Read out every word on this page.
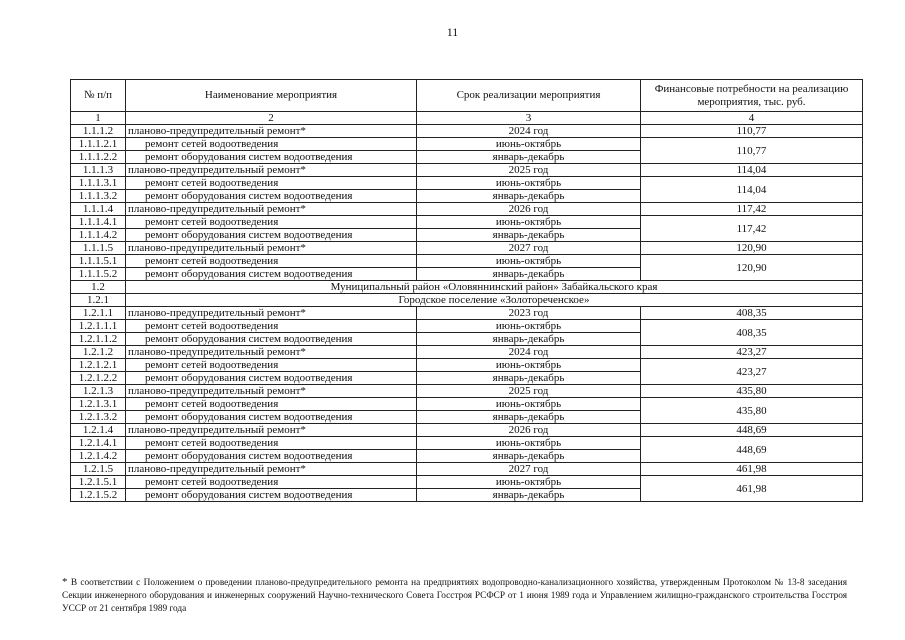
11
№ п/п	Наименование мероприятия	Срок реализации мероприятия	Финансовые потребности на реализацию мероприятия, тыс. руб.
1	2	3	4
1.1.1.2	планово-предупредительный ремонт*	2024 год	110,77
1.1.1.2.1	ремонт сетей водоотведения	июнь-октябрь	110,77
1.1.1.2.2	ремонт оборудования систем водоотведения	январь-декабрь	
1.1.1.3	планово-предупредительный ремонт*	2025 год	114,04
1.1.1.3.1	ремонт сетей водоотведения	июнь-октябрь	114,04
1.1.1.3.2	ремонт оборудования систем водоотведения	январь-декабрь	
1.1.1.4	планово-предупредительный ремонт*	2026 год	117,42
1.1.1.4.1	ремонт сетей водоотведения	июнь-октябрь	117,42
1.1.1.4.2	ремонт оборудования систем водоотведения	январь-декабрь	
1.1.1.5	планово-предупредительный ремонт*	2027 год	120,90
1.1.1.5.1	ремонт сетей водоотведения	июнь-октябрь	120,90
1.1.1.5.2	ремонт оборудования систем водоотведения	январь-декабрь	
1.2	Муниципальный район «Оловяннинский район» Забайкальского края		
1.2.1	Городское поселение «Золотореченское»		
1.2.1.1	планово-предупредительный ремонт*	2023 год	408,35
1.2.1.1.1	ремонт сетей водоотведения	июнь-октябрь	408,35
1.2.1.1.2	ремонт оборудования систем водоотведения	январь-декабрь	
1.2.1.2	планово-предупредительный ремонт*	2024 год	423,27
1.2.1.2.1	ремонт сетей водоотведения	июнь-октябрь	423,27
1.2.1.2.2	ремонт оборудования систем водоотведения	январь-декабрь	
1.2.1.3	планово-предупредительный ремонт*	2025 год	435,80
1.2.1.3.1	ремонт сетей водоотведения	июнь-октябрь	435,80
1.2.1.3.2	ремонт оборудования систем водоотведения	январь-декабрь	
1.2.1.4	планово-предупредительный ремонт*	2026 год	448,69
1.2.1.4.1	ремонт сетей водоотведения	июнь-октябрь	448,69
1.2.1.4.2	ремонт оборудования систем водоотведения	январь-декабрь	
1.2.1.5	планово-предупредительный ремонт*	2027 год	461,98
1.2.1.5.1	ремонт сетей водоотведения	июнь-октябрь	461,98
1.2.1.5.2	ремонт оборудования систем водоотведения	январь-декабрь	
* В соответствии с Положением о проведении планово-предупредительного ремонта на предприятиях водопроводно-канализационного хозяйства, утвержденным Протоколом № 13-8 заседания Секции инженерного оборудования и инженерных сооружений Научно-технического Совета Госстроя РСФСР от 1 июня 1989 года и Управлением жилищно-гражданского строительства Госстроя УССР от 21 сентября 1989 года
